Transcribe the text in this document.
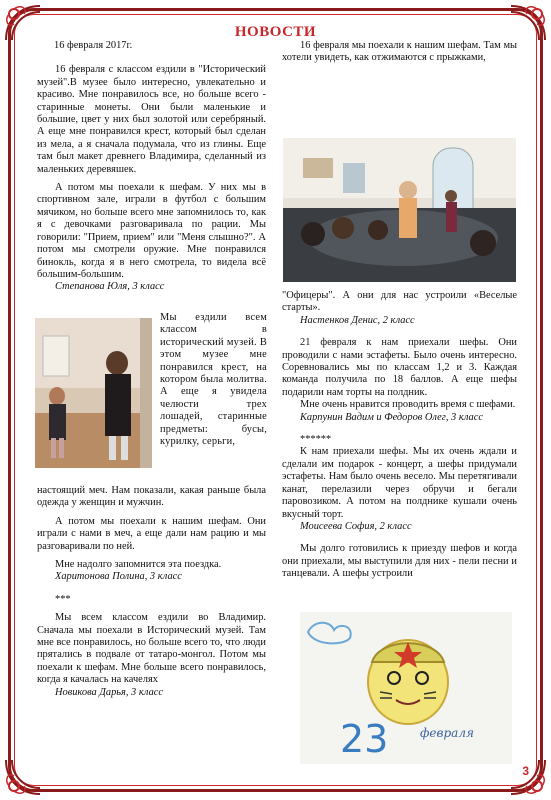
НОВОСТИ
16 февраля 2017г.

16 февраля с классом ездили в "Исторический музей".В музее было интересно, увлекательно и красиво. Мне понравилось все, но больше всего - старинные монеты. Они были маленькие и большие, цвет у них был золотой или серебряный. А еще мне понравился крест, который был сделан из мела, а я сначала подумала, что из глины. Еще там был макет древнего Владимира, сделанный из маленьких деревяшек.

А потом мы поехали к шефам. У них мы в спортивном зале, играли в футбол с большим мячиком, но больше всего мне запомнилось то, как я с девочками разговаривала по рации. Мы говорили: "Прием, прием" или "Меня слышно?". А потом мы смотрели оружие. Мне понравился бинокль, когда я в него смотрела, то видела всё большим-большим.

Степанова Юля, 3 класс

Мы ездили всем классом в исторический музей. В этом музее мне понравился крест, на котором была молитва. А еще я увидела челюсти трех лошадей, старинные предметы: бусы, курилку, серьги,

настоящий меч. Нам показали, какая раньше была одежда у женщин и мужчин.

А потом мы поехали к нашим шефам. Они играли с нами в меч, а еще дали нам рацию и мы разговаривали по ней.

Мне надолго запомнится эта поездка.

Харитонова Полина, 3 класс

***

Мы всем классом ездили во Владимир. Сначала мы поехали в Исторический музей. Там мне все понравилось, но больше всего то, что люди прятались в подвале от татаро-монгол. Потом мы поехали к шефам. Мне больше всего понравилось, когда я качалась на качелях

Новикова Дарья, 3 класс

16 февраля мы поехали к нашим шефам. Там мы хотели увидеть, как отжимаются с прыжками,

"Офицеры". А они для нас устроили «Веселые старты».

Настенков Денис, 2 класс

21 февраля к нам приехали шефы. Они проводили с нами эстафеты. Было очень интересно. Соревновались мы по классам 1,2 и 3. Каждая команда получила по 18 баллов. А еще шефы подарили нам торты на полдник.

Мне очень нравится проводить время с шефами.

Карпунин Вадим и Федоров Олег, 3 класс

******

К нам приехали шефы. Мы их очень ждали и сделали им подарок - концерт, а шефы придумали эстафеты. Нам было очень весело. Мы перетягивали канат, перелазили через обручи и бегали паровозиком. А потом на полднике кушали очень вкусный торт.

Моисеева София, 2 класс

Мы долго готовились к приезду шефов и когда они приехали, мы выступили для них - пели песни и танцевали. А шефы устроили

23	февраля
3
